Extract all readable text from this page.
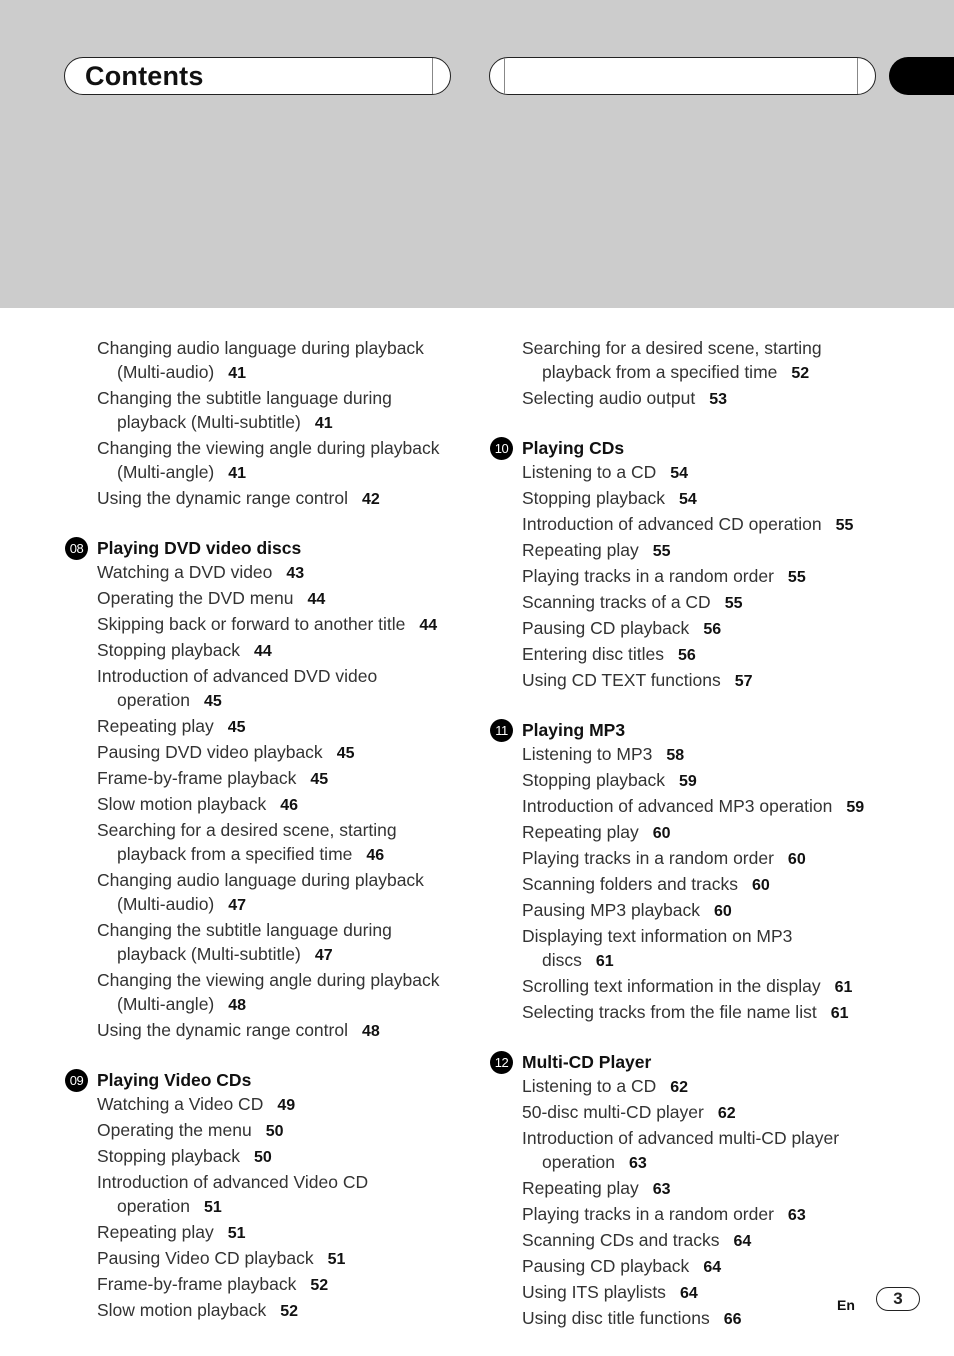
Contents
Changing audio language during playback
(Multi-audio) 41
Changing the subtitle language during
playback (Multi-subtitle) 41
Changing the viewing angle during playback
(Multi-angle) 41
Using the dynamic range control 42
08 Playing DVD video discs
Watching a DVD video 43
Operating the DVD menu 44
Skipping back or forward to another title 44
Stopping playback 44
Introduction of advanced DVD video
operation 45
Repeating play 45
Pausing DVD video playback 45
Frame-by-frame playback 45
Slow motion playback 46
Searching for a desired scene, starting
playback from a specified time 46
Changing audio language during playback
(Multi-audio) 47
Changing the subtitle language during
playback (Multi-subtitle) 47
Changing the viewing angle during playback
(Multi-angle) 48
Using the dynamic range control 48
09 Playing Video CDs
Watching a Video CD 49
Operating the menu 50
Stopping playback 50
Introduction of advanced Video CD
operation 51
Repeating play 51
Pausing Video CD playback 51
Frame-by-frame playback 52
Slow motion playback 52
Searching for a desired scene, starting
playback from a specified time 52
Selecting audio output 53
10 Playing CDs
Listening to a CD 54
Stopping playback 54
Introduction of advanced CD operation 55
Repeating play 55
Playing tracks in a random order 55
Scanning tracks of a CD 55
Pausing CD playback 56
Entering disc titles 56
Using CD TEXT functions 57
11 Playing MP3
Listening to MP3 58
Stopping playback 59
Introduction of advanced MP3 operation 59
Repeating play 60
Playing tracks in a random order 60
Scanning folders and tracks 60
Pausing MP3 playback 60
Displaying text information on MP3
discs 61
Scrolling text information in the display 61
Selecting tracks from the file name list 61
12 Multi-CD Player
Listening to a CD 62
50-disc multi-CD player 62
Introduction of advanced multi-CD player
operation 63
Repeating play 63
Playing tracks in a random order 63
Scanning CDs and tracks 64
Pausing CD playback 64
Using ITS playlists 64
Using disc title functions 66
En	3
